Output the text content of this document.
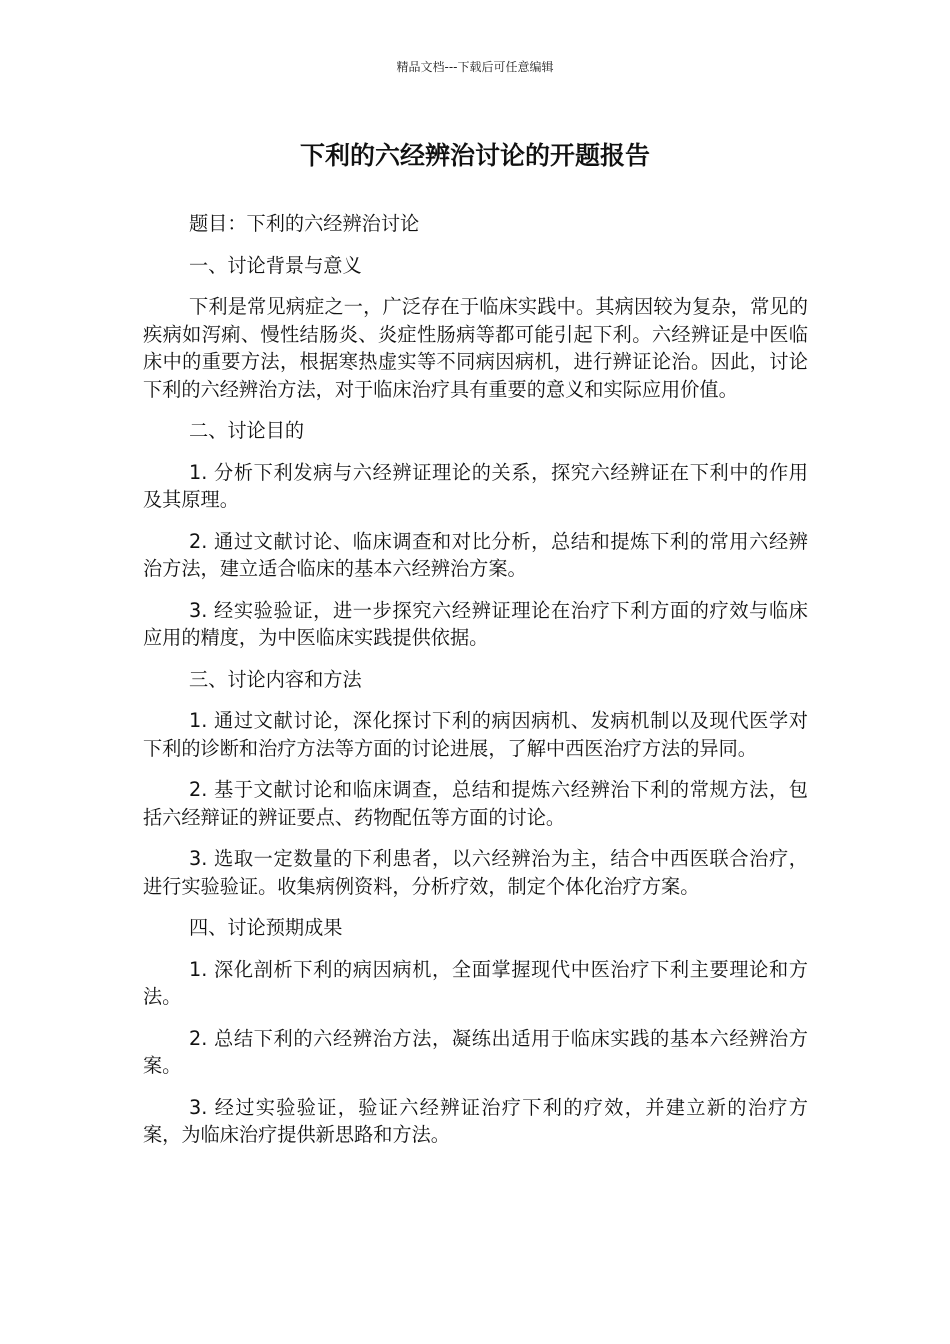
精品文档---下载后可任意编辑
下利的六经辨治讨论的开题报告

题目：下利的六经辨治讨论

一、讨论背景与意义

下利是常见病症之一，广泛存在于临床实践中。其病因较为复杂，常见的疾病如泻痢、慢性结肠炎、炎症性肠病等都可能引起下利。六经辨证是中医临床中的重要方法，根据寒热虚实等不同病因病机，进行辨证论治。因此，讨论下利的六经辨治方法，对于临床治疗具有重要的意义和实际应用价值。

二、讨论目的

1. 分析下利发病与六经辨证理论的关系，探究六经辨证在下利中的作用及其原理。

2. 通过文献讨论、临床调查和对比分析，总结和提炼下利的常用六经辨治方法，建立适合临床的基本六经辨治方案。

3. 经实验验证，进一步探究六经辨证理论在治疗下利方面的疗效与临床应用的精度，为中医临床实践提供依据。

三、讨论内容和方法

1. 通过文献讨论，深化探讨下利的病因病机、发病机制以及现代医学对下利的诊断和治疗方法等方面的讨论进展，了解中西医治疗方法的异同。

2. 基于文献讨论和临床调查，总结和提炼六经辨治下利的常规方法，包括六经辩证的辨证要点、药物配伍等方面的讨论。

3. 选取一定数量的下利患者，以六经辨治为主，结合中西医联合治疗，进行实验验证。收集病例资料，分析疗效，制定个体化治疗方案。

四、讨论预期成果

1. 深化剖析下利的病因病机，全面掌握现代中医治疗下利主要理论和方法。

2. 总结下利的六经辨治方法，凝练出适用于临床实践的基本六经辨治方案。

3. 经过实验验证，验证六经辨证治疗下利的疗效，并建立新的治疗方案，为临床治疗提供新思路和方法。
